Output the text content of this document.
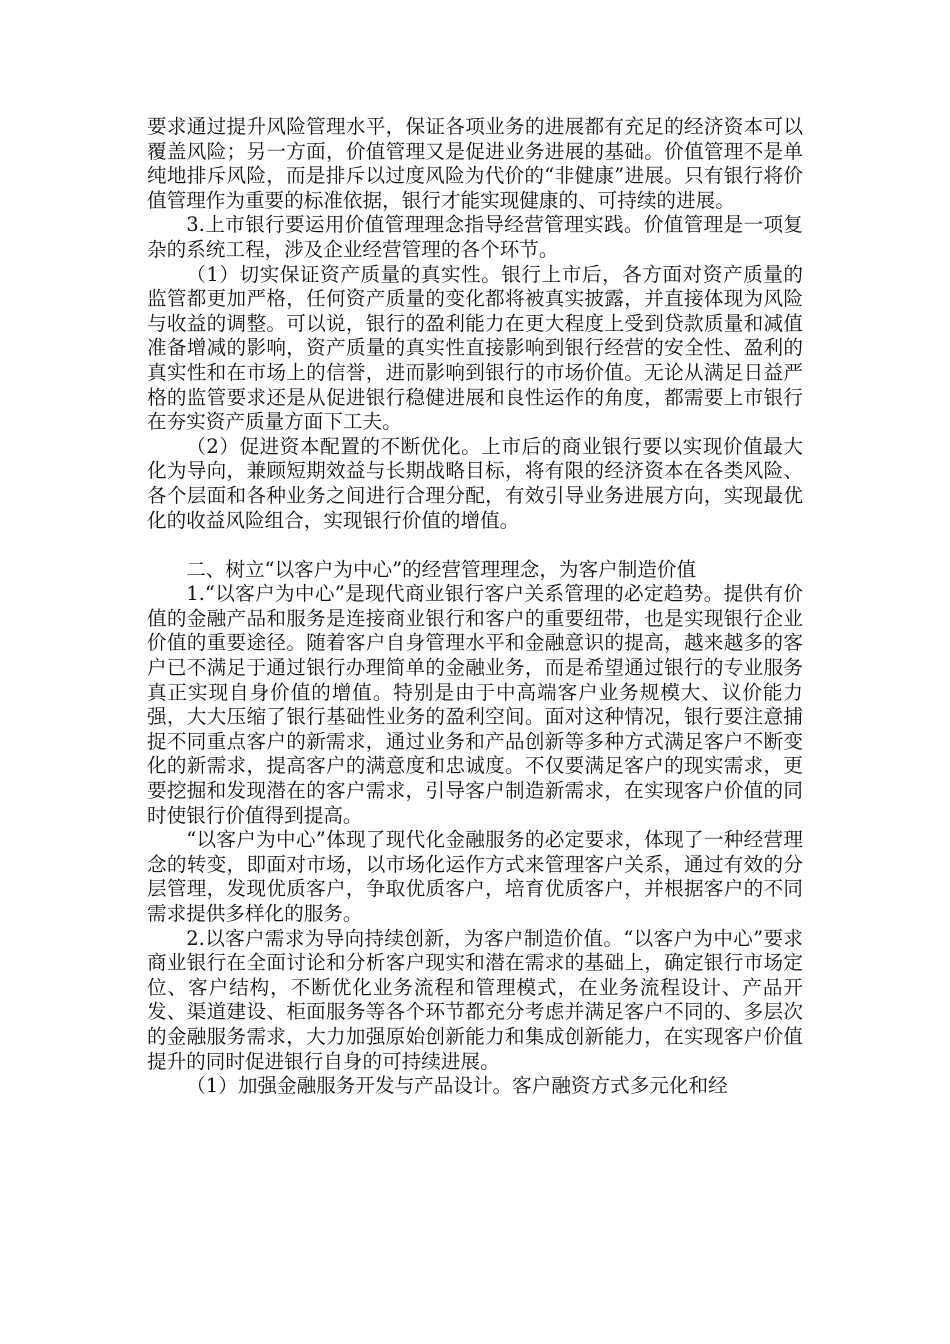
要求通过提升风险管理水平，保证各项业务的进展都有充足的经济资本可以覆盖风险；另一方面，价值管理又是促进业务进展的基础。价值管理不是单纯地排斥风险，而是排斥以过度风险为代价的“非健康”进展。只有银行将价值管理作为重要的标准依据，银行才能实现健康的、可持续的进展。

3.上市银行要运用价值管理理念指导经营管理实践。价值管理是一项复杂的系统工程，涉及企业经营管理的各个环节。

（1）切实保证资产质量的真实性。银行上市后，各方面对资产质量的监管都更加严格，任何资产质量的变化都将被真实披露，并直接体现为风险与收益的调整。可以说，银行的盈利能力在更大程度上受到贷款质量和减值准备增减的影响，资产质量的真实性直接影响到银行经营的安全性、盈利的真实性和在市场上的信誉，进而影响到银行的市场价值。无论从满足日益严格的监管要求还是从促进银行稳健进展和良性运作的角度，都需要上市银行在夯实资产质量方面下工夫。

（2）促进资本配置的不断优化。上市后的商业银行要以实现价值最大化为导向，兼顾短期效益与长期战略目标，将有限的经济资本在各类风险、各个层面和各种业务之间进行合理分配，有效引导业务进展方向，实现最优化的收益风险组合，实现银行价值的增值。

二、树立“以客户为中心”的经营管理理念，为客户制造价值

1.“以客户为中心”是现代商业银行客户关系管理的必定趋势。提供有价值的金融产品和服务是连接商业银行和客户的重要纽带，也是实现银行企业价值的重要途径。随着客户自身管理水平和金融意识的提高，越来越多的客户已不满足于通过银行办理简单的金融业务，而是希望通过银行的专业服务真正实现自身价值的增值。特别是由于中高端客户业务规模大、议价能力强，大大压缩了银行基础性业务的盈利空间。面对这种情况，银行要注意捕捉不同重点客户的新需求，通过业务和产品创新等多种方式满足客户不断变化的新需求，提高客户的满意度和忠诚度。不仅要满足客户的现实需求，更要挖掘和发现潜在的客户需求，引导客户制造新需求，在实现客户价值的同时使银行价值得到提高。

“以客户为中心”体现了现代化金融服务的必定要求，体现了一种经营理念的转变，即面对市场，以市场化运作方式来管理客户关系，通过有效的分层管理，发现优质客户，争取优质客户，培育优质客户，并根据客户的不同需求提供多样化的服务。

2.以客户需求为导向持续创新，为客户制造价值。“以客户为中心”要求商业银行在全面讨论和分析客户现实和潜在需求的基础上，确定银行市场定位、客户结构，不断优化业务流程和管理模式，在业务流程设计、产品开发、渠道建设、柜面服务等各个环节都充分考虑并满足客户不同的、多层次的金融服务需求，大力加强原始创新能力和集成创新能力，在实现客户价值提升的同时促进银行自身的可持续进展。

（1）加强金融服务开发与产品设计。客户融资方式多元化和经
